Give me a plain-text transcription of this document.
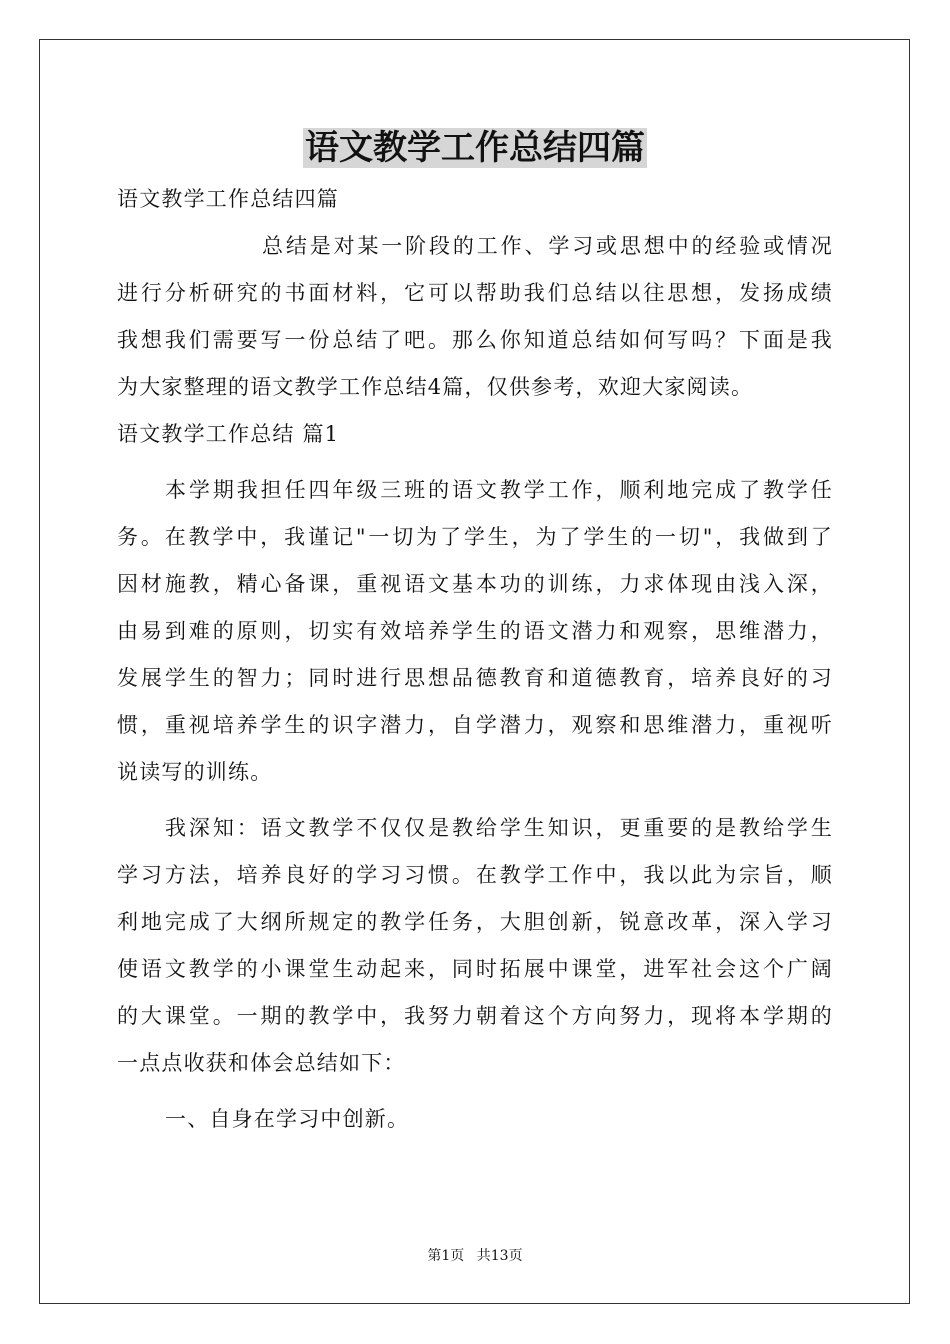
语文教学工作总结四篇

语文教学工作总结四篇

总结是对某一阶段的工作、学习或思想中的经验或情况

进行分析研究的书面材料，它可以帮助我们总结以往思想，发扬成绩

我想我们需要写一份总结了吧。那么你知道总结如何写吗？下面是我

为大家整理的语文教学工作总结4篇，仅供参考，欢迎大家阅读。

语文教学工作总结 篇1

本学期我担任四年级三班的语文教学工作，顺利地完成了教学任

务。在教学中，我谨记"一切为了学生，为了学生的一切"，我做到了

因材施教，精心备课，重视语文基本功的训练，力求体现由浅入深，

由易到难的原则，切实有效培养学生的语文潜力和观察，思维潜力，

发展学生的智力；同时进行思想品德教育和道德教育，培养良好的习

惯，重视培养学生的识字潜力，自学潜力，观察和思维潜力，重视听

说读写的训练。

我深知：语文教学不仅仅是教给学生知识，更重要的是教给学生

学习方法，培养良好的学习习惯。在教学工作中，我以此为宗旨，顺

利地完成了大纲所规定的教学任务，大胆创新，锐意改革，深入学习

使语文教学的小课堂生动起来，同时拓展中课堂，进军社会这个广阔

的大课堂。一期的教学中，我努力朝着这个方向努力，现将本学期的

一点点收获和体会总结如下：

一、自身在学习中创新。

第1页 共13页
